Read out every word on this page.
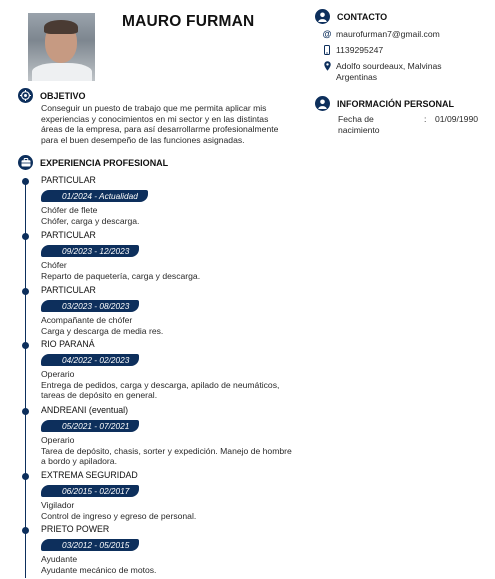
MAURO FURMAN
OBJETIVO
Conseguir un puesto de trabajo que me permita aplicar mis
experiencias y conocimientos en mi sector y en las distintas
áreas de la empresa, para así desarrollarme profesionalmente
para el buen desempeño de las funciones asignadas.
EXPERIENCIA PROFESIONAL
PARTICULAR
01/2024 - Actualidad
Chófer de flete
Chófer, carga y descarga.
PARTICULAR
09/2023 - 12/2023
Chófer
Reparto de paquetería, carga y descarga.
PARTICULAR
03/2023 - 08/2023
Acompañante de chófer
Carga y descarga de media res.
RIO PARANÁ
04/2022 - 02/2023
Operario
Entrega de pedidos, carga y descarga, apilado de neumáticos,
tareas de depósito en general.
ANDREANI (eventual)
05/2021 - 07/2021
Operario
Tarea de depósito, chasis, sorter y expedición. Manejo de hombre
a bordo y apiladora.
EXTREMA SEGURIDAD
06/2015 - 02/2017
Vigilador
Control de ingreso y egreso de personal.
PRIETO POWER
03/2012 - 05/2015
Ayudante
Ayudante mecánico de motos.
CONTACTO
@ maurofurman7@gmail.com
1139295247
Adolfo sourdeaux, Malvinas
Argentinas
INFORMACIÓN PERSONAL
Fecha de
nacimiento
: 01/09/1990
